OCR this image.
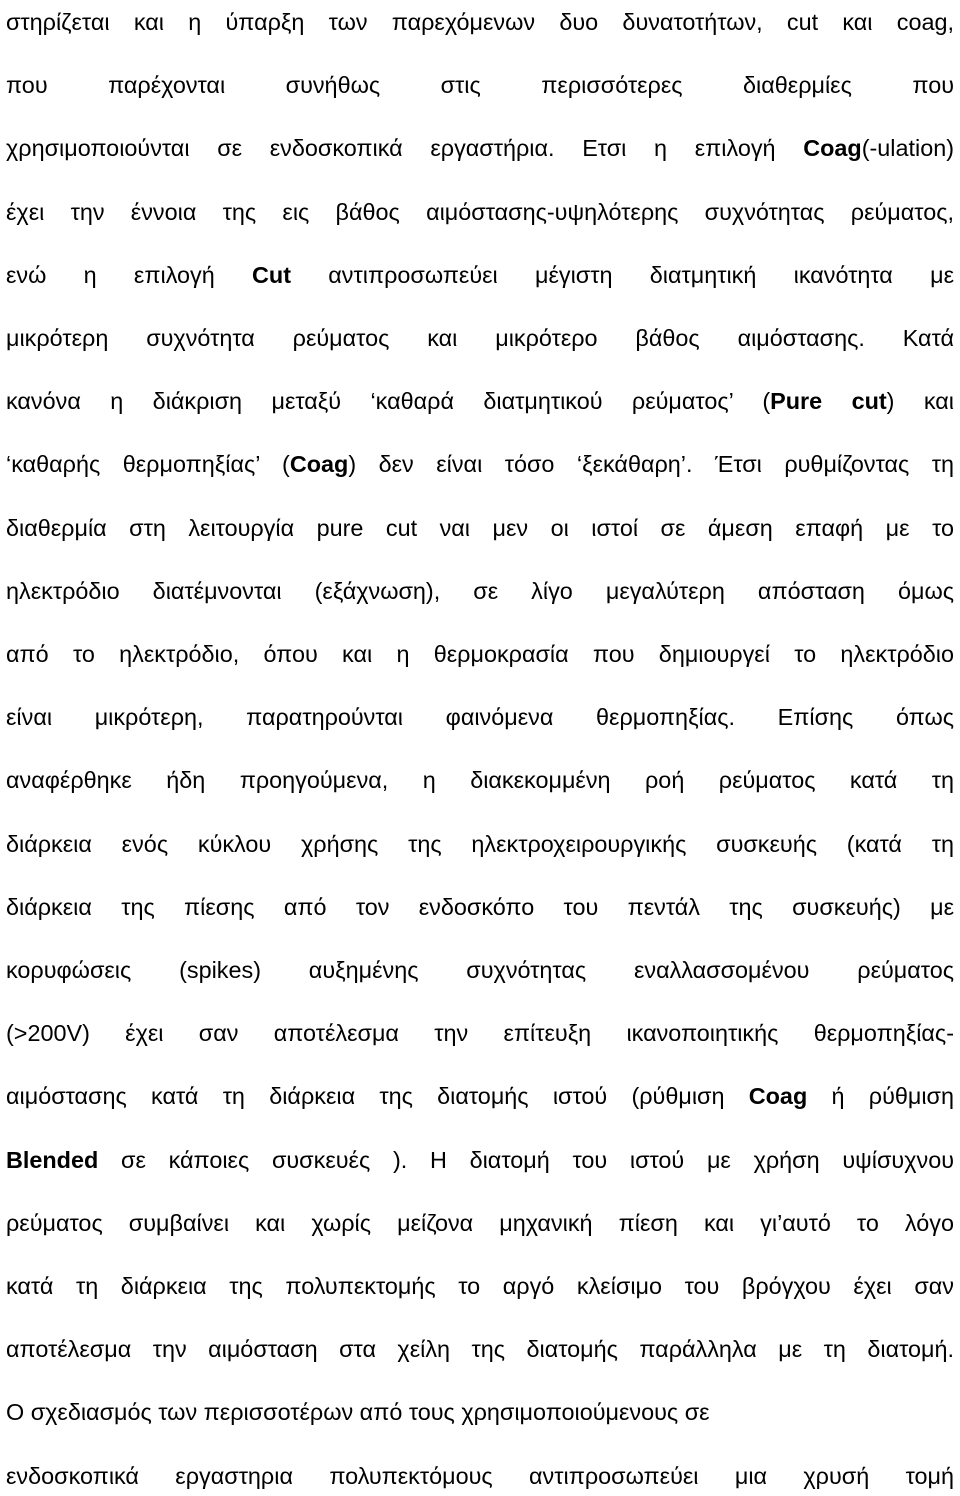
στηρίζεται και η ύπαρξη των παρεχόμενων δυο δυνατοτήτων, cut και coag,
που παρέχονται συνήθως στις περισσότερες διαθερμίες που
χρησιμοποιούνται σε ενδοσκοπικά εργαστήρια. Ετσι η επιλογή Coag(-ulation)
έχει την έννοια της εις βάθος αιμόστασης-υψηλότερης συχνότητας ρεύματος,
ενώ η επιλογή Cut αντιπροσωπεύει μέγιστη διατμητική ικανότητα με
μικρότερη συχνότητα ρεύματος και μικρότερο βάθος αιμόστασης. Κατά
κανόνα η διάκριση μεταξύ ‘καθαρά διατμητικού ρεύματος’ (Pure cut) και
‘καθαρής θερμοπηξίας’ (Coag) δεν είναι τόσο ‘ξεκάθαρη’. Έτσι ρυθμίζοντας τη
διαθερμία στη λειτουργία pure cut ναι μεν οι ιστοί σε άμεση επαφή με το
ηλεκτρόδιο διατέμνονται (εξάχνωση), σε λίγο μεγαλύτερη απόσταση όμως
από το ηλεκτρόδιο, όπου και η θερμοκρασία που δημιουργεί το ηλεκτρόδιο
είναι μικρότερη, παρατηρούνται φαινόμενα θερμοπηξίας. Επίσης όπως
αναφέρθηκε ήδη προηγούμενα, η διακεκομμένη ροή ρεύματος κατά τη
διάρκεια ενός κύκλου χρήσης της ηλεκτροχειρουργικής συσκευής (κατά τη
διάρκεια της πίεσης από τον ενδοσκόπο του πεντάλ της συσκευής) με
κορυφώσεις (spikes) αυξημένης συχνότητας εναλλασσομένου ρεύματος
(>200V) έχει σαν αποτέλεσμα την επίτευξη ικανοποιητικής θερμοπηξίας-
αιμόστασης κατά τη διάρκεια της διατομής ιστού (ρύθμιση Coag ή ρύθμιση
Blended σε κάποιες συσκευές ). Η διατομή του ιστού με χρήση υψίσυχνου
ρεύματος συμβαίνει και χωρίς μείζονα μηχανική πίεση και γι’αυτό το λόγο
κατά τη διάρκεια της πολυπεκτομής το αργό κλείσιμο του βρόγχου έχει σαν
αποτέλεσμα την αιμόσταση στα χείλη της διατομής παράλληλα με τη διατομή.
Ο σχεδιασμός των περισσοτέρων από τους χρησιμοποιούμενους σε
ενδοσκοπικά εργαστηρια πολυπεκτόμους αντιπροσωπεύει μια χρυσή τομή
